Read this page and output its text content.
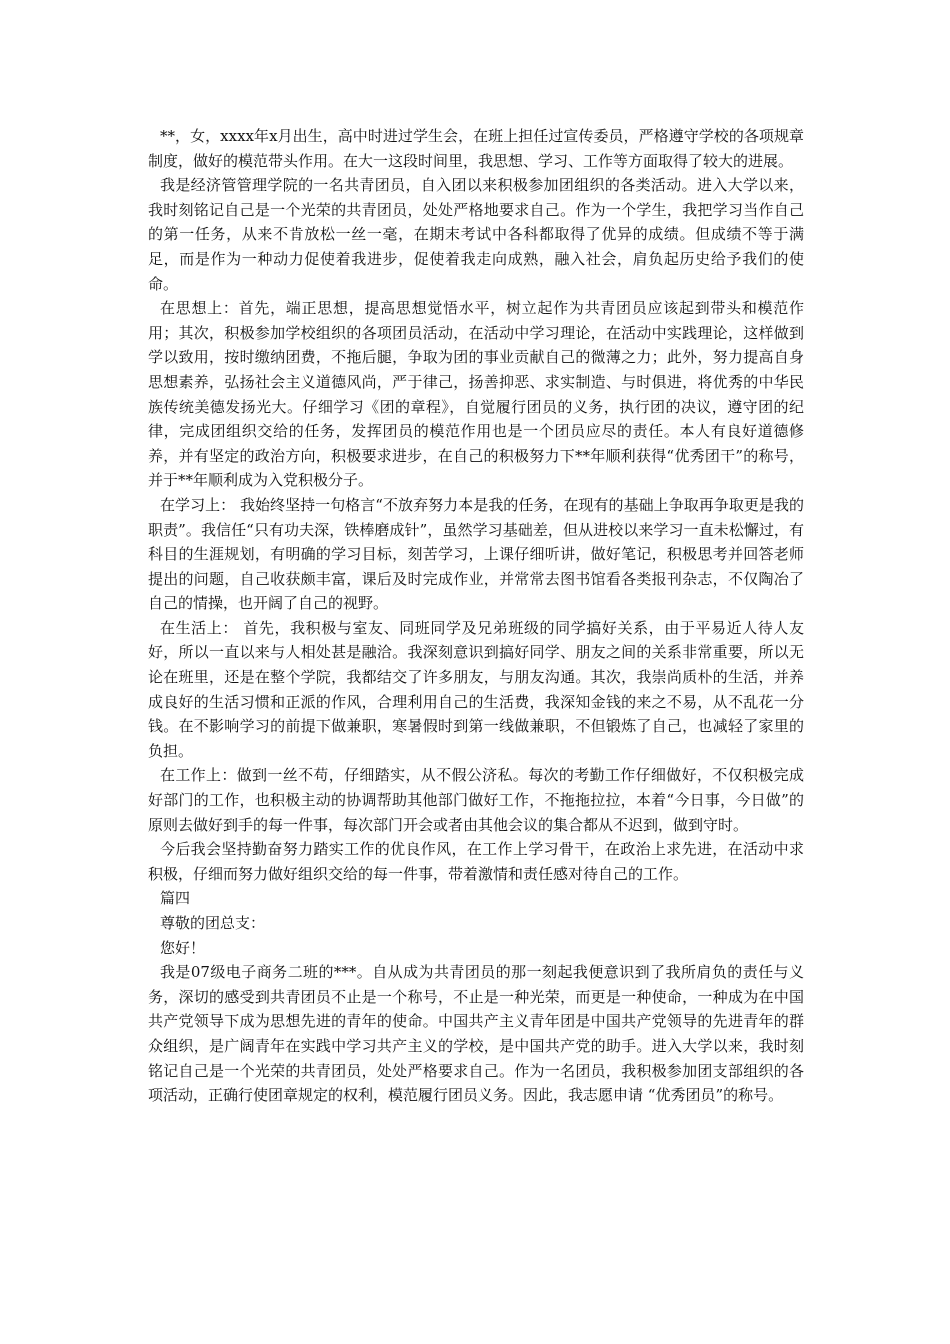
**，女，xxxx年x月出生，高中时进过学生会，在班上担任过宣传委员，严格遵守学校的各项规章制度，做好的模范带头作用。在大一这段时间里，我思想、学习、工作等方面取得了较大的进展。

我是经济管管理学院的一名共青团员，自入团以来积极参加团组织的各类活动。进入大学以来，我时刻铭记自己是一个光荣的共青团员，处处严格地要求自己。作为一个学生，我把学习当作自己的第一任务，从来不肯放松一丝一毫，在期末考试中各科都取得了优异的成绩。但成绩不等于满足，而是作为一种动力促使着我进步，促使着我走向成熟，融入社会，肩负起历史给予我们的使命。

在思想上：首先，端正思想，提高思想觉悟水平，树立起作为共青团员应该起到带头和模范作用；其次，积极参加学校组织的各项团员活动，在活动中学习理论，在活动中实践理论，这样做到学以致用，按时缴纳团费，不拖后腿，争取为团的事业贡献自己的微薄之力；此外，努力提高自身思想素养，弘扬社会主义道德风尚，严于律己，扬善抑恶、求实制造、与时俱进，将优秀的中华民族传统美德发扬光大。仔细学习《团的章程》，自觉履行团员的义务，执行团的决议，遵守团的纪律，完成团组织交给的任务，发挥团员的模范作用也是一个团员应尽的责任。本人有良好道德修养，并有坚定的政治方向，积极要求进步，在自己的积极努力下**年顺利获得“优秀团干”的称号，并于**年顺利成为入党积极分子。

在学习上： 我始终坚持一句格言“不放弃努力本是我的任务，在现有的基础上争取再争取更是我的职责”。我信任“只有功夫深，铁棒磨成针”，虽然学习基础差，但从进校以来学习一直未松懈过，有科目的生涯规划，有明确的学习目标，刻苦学习，上课仔细听讲，做好笔记，积极思考并回答老师提出的问题，自己收获颇丰富，课后及时完成作业，并常常去图书馆看各类报刊杂志，不仅陶冶了自己的情操，也开阔了自己的视野。

在生活上： 首先，我积极与室友、同班同学及兄弟班级的同学搞好关系，由于平易近人待人友好，所以一直以来与人相处甚是融洽。我深刻意识到搞好同学、朋友之间的关系非常重要，所以无论在班里，还是在整个学院，我都结交了许多朋友，与朋友沟通。其次，我崇尚质朴的生活，并养成良好的生活习惯和正派的作风，合理利用自己的生活费，我深知金钱的来之不易，从不乱花一分钱。在不影响学习的前提下做兼职，寒暑假时到第一线做兼职，不但锻炼了自己，也减轻了家里的负担。

在工作上：做到一丝不苟，仔细踏实，从不假公济私。每次的考勤工作仔细做好，不仅积极完成好部门的工作，也积极主动的协调帮助其他部门做好工作，不拖拖拉拉，本着“今日事，今日做”的原则去做好到手的每一件事，每次部门开会或者由其他会议的集合都从不迟到，做到守时。

今后我会坚持勤奋努力踏实工作的优良作风，在工作上学习骨干，在政治上求先进，在活动中求积极，仔细而努力做好组织交给的每一件事，带着激情和责任感对待自己的工作。

篇四

尊敬的团总支：

您好！

我是07级电子商务二班的***。自从成为共青团员的那一刻起我便意识到了我所肩负的责任与义务，深切的感受到共青团员不止是一个称号，不止是一种光荣，而更是一种使命，一种成为在中国共产党领导下成为思想先进的青年的使命。中国共产主义青年团是中国共产党领导的先进青年的群众组织，是广阔青年在实践中学习共产主义的学校，是中国共产党的助手。进入大学以来，我时刻铭记自己是一个光荣的共青团员，处处严格要求自己。作为一名团员，我积极参加团支部组织的各项活动，正确行使团章规定的权利，模范履行团员义务。因此，我志愿申请 “优秀团员”的称号。
